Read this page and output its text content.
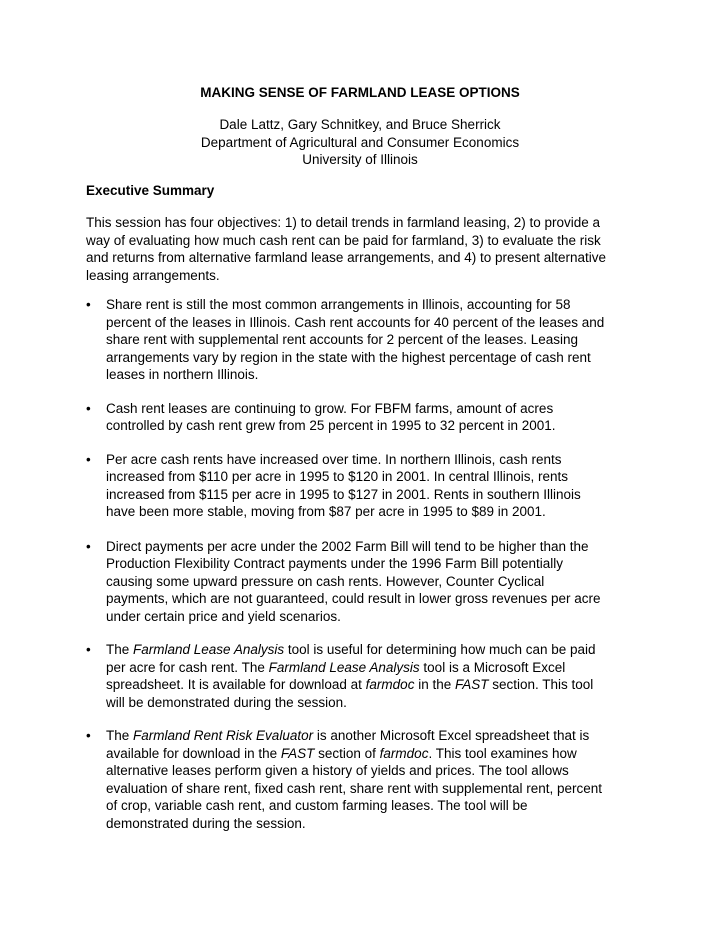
MAKING SENSE OF FARMLAND LEASE OPTIONS
Dale Lattz, Gary Schnitkey, and Bruce Sherrick
Department of Agricultural and Consumer Economics
University of Illinois
Executive Summary
This session has four objectives: 1) to detail trends in farmland leasing, 2) to provide a
way of evaluating how much cash rent can be paid for farmland, 3) to evaluate the risk
and returns from alternative farmland lease arrangements, and 4) to present alternative
leasing arrangements.
•	Share rent is still the most common arrangements in Illinois, accounting for 58
percent of the leases in Illinois. Cash rent accounts for 40 percent of the leases and
share rent with supplemental rent accounts for 2 percent of the leases. Leasing
arrangements vary by region in the state with the highest percentage of cash rent
leases in northern Illinois.
•	Cash rent leases are continuing to grow. For FBFM farms, amount of acres
controlled by cash rent grew from 25 percent in 1995 to 32 percent in 2001.
•	Per acre cash rents have increased over time. In northern Illinois, cash rents
increased from $110 per acre in 1995 to $120 in 2001. In central Illinois, rents
increased from $115 per acre in 1995 to $127 in 2001. Rents in southern Illinois
have been more stable, moving from $87 per acre in 1995 to $89 in 2001.
•	Direct payments per acre under the 2002 Farm Bill will tend to be higher than the
Production Flexibility Contract payments under the 1996 Farm Bill potentially
causing some upward pressure on cash rents. However, Counter Cyclical
payments, which are not guaranteed, could result in lower gross revenues per acre
under certain price and yield scenarios.
•	The Farmland Lease Analysis tool is useful for determining how much can be paid
per acre for cash rent. The Farmland Lease Analysis tool is a Microsoft Excel
spreadsheet. It is available for download at farmdoc in the FAST section. This tool
will be demonstrated during the session.
•	The Farmland Rent Risk Evaluator is another Microsoft Excel spreadsheet that is
available for download in the FAST section of farmdoc. This tool examines how
alternative leases perform given a history of yields and prices. The tool allows
evaluation of share rent, fixed cash rent, share rent with supplemental rent, percent
of crop, variable cash rent, and custom farming leases. The tool will be
demonstrated during the session.
